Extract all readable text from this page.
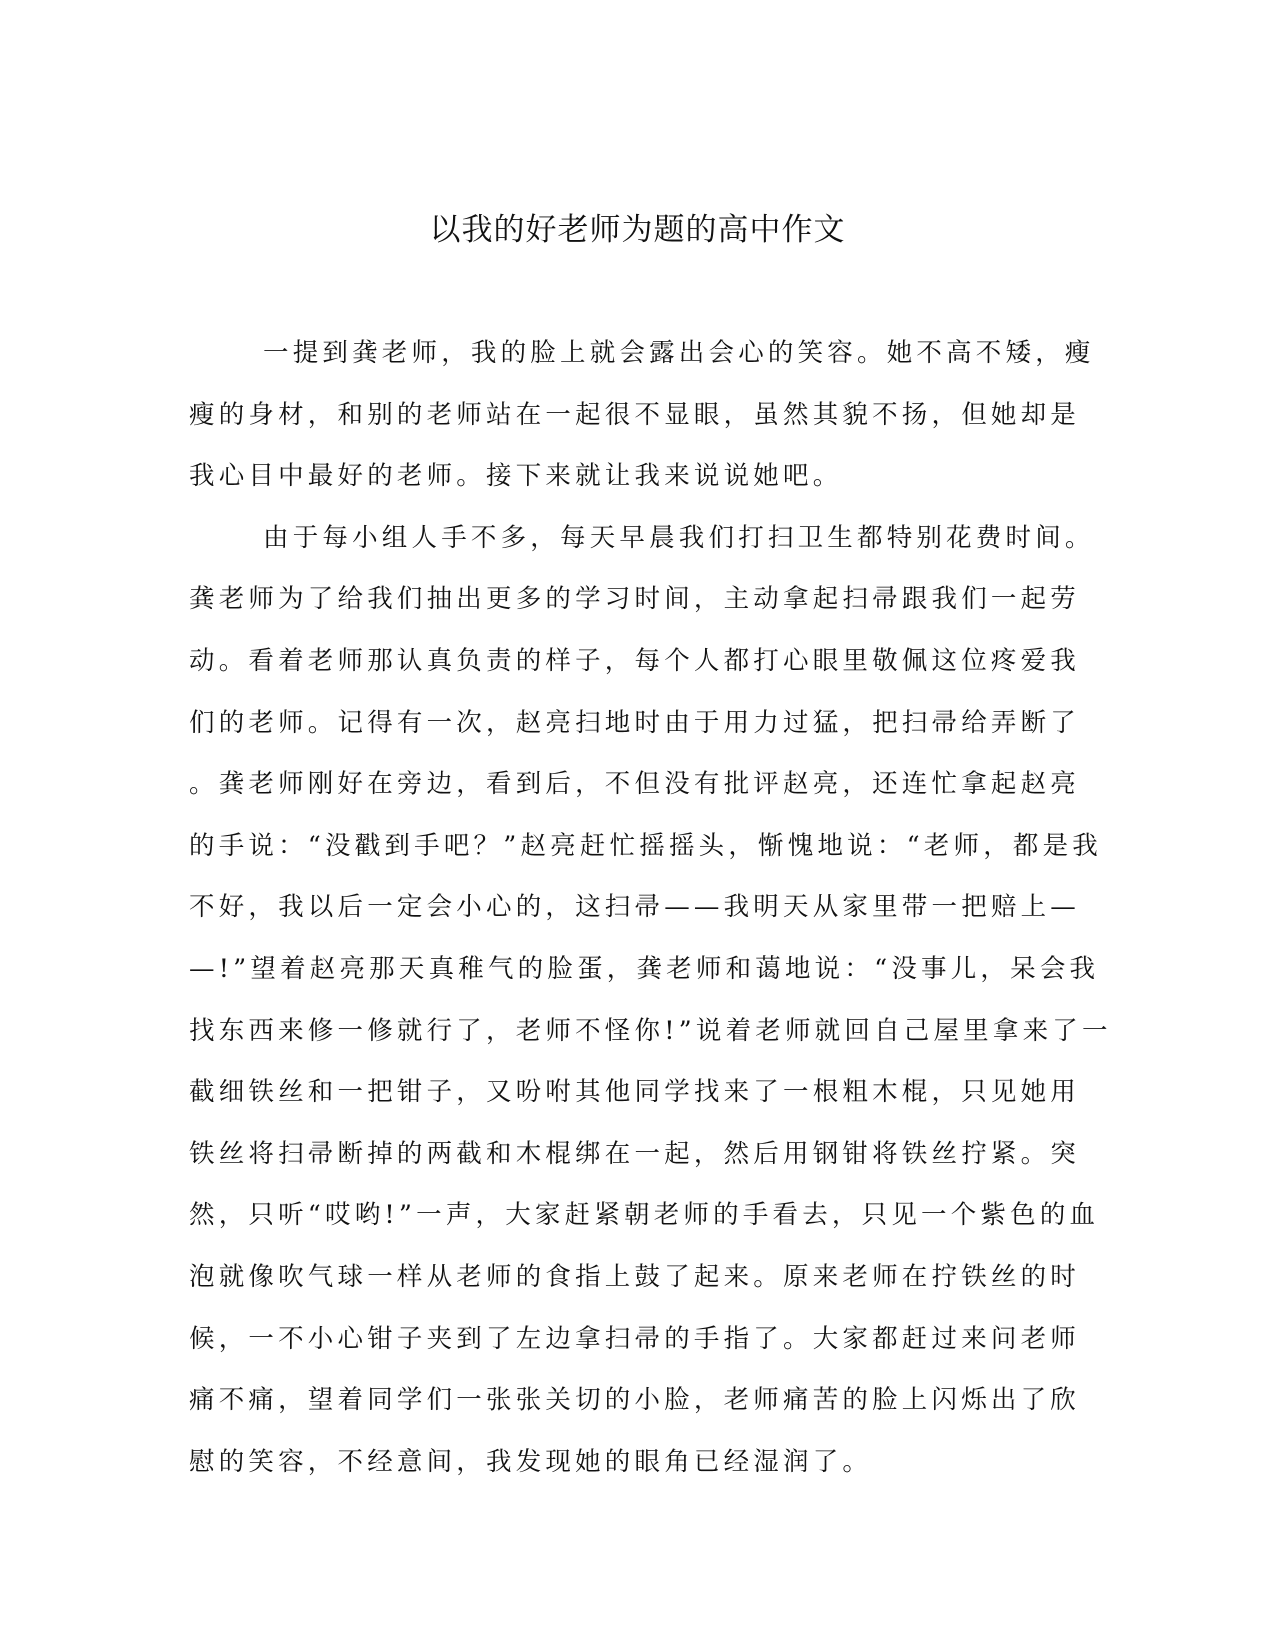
以我的好老师为题的高中作文
一提到龚老师，我的脸上就会露出会心的笑容。她不高不矮，瘦
瘦的身材，和别的老师站在一起很不显眼，虽然其貌不扬，但她却是
我心目中最好的老师。接下来就让我来说说她吧。
由于每小组人手不多，每天早晨我们打扫卫生都特别花费时间。
龚老师为了给我们抽出更多的学习时间，主动拿起扫帚跟我们一起劳
动。看着老师那认真负责的样子，每个人都打心眼里敬佩这位疼爱我
们的老师。记得有一次，赵亮扫地时由于用力过猛，把扫帚给弄断了
。龚老师刚好在旁边，看到后，不但没有批评赵亮，还连忙拿起赵亮
的手说：“没戳到手吧？”赵亮赶忙摇摇头，惭愧地说：“老师，都是我
不好，我以后一定会小心的，这扫帚——我明天从家里带一把赔上—
—!”望着赵亮那天真稚气的脸蛋，龚老师和蔼地说：“没事儿，呆会我
找东西来修一修就行了，老师不怪你!”说着老师就回自己屋里拿来了一
截细铁丝和一把钳子，又吩咐其他同学找来了一根粗木棍，只见她用
铁丝将扫帚断掉的两截和木棍绑在一起，然后用钢钳将铁丝拧紧。突
然，只听“哎哟!”一声，大家赶紧朝老师的手看去，只见一个紫色的血
泡就像吹气球一样从老师的食指上鼓了起来。原来老师在拧铁丝的时
候，一不小心钳子夹到了左边拿扫帚的手指了。大家都赶过来问老师
痛不痛，望着同学们一张张关切的小脸，老师痛苦的脸上闪烁出了欣
慰的笑容，不经意间，我发现她的眼角已经湿润了。
